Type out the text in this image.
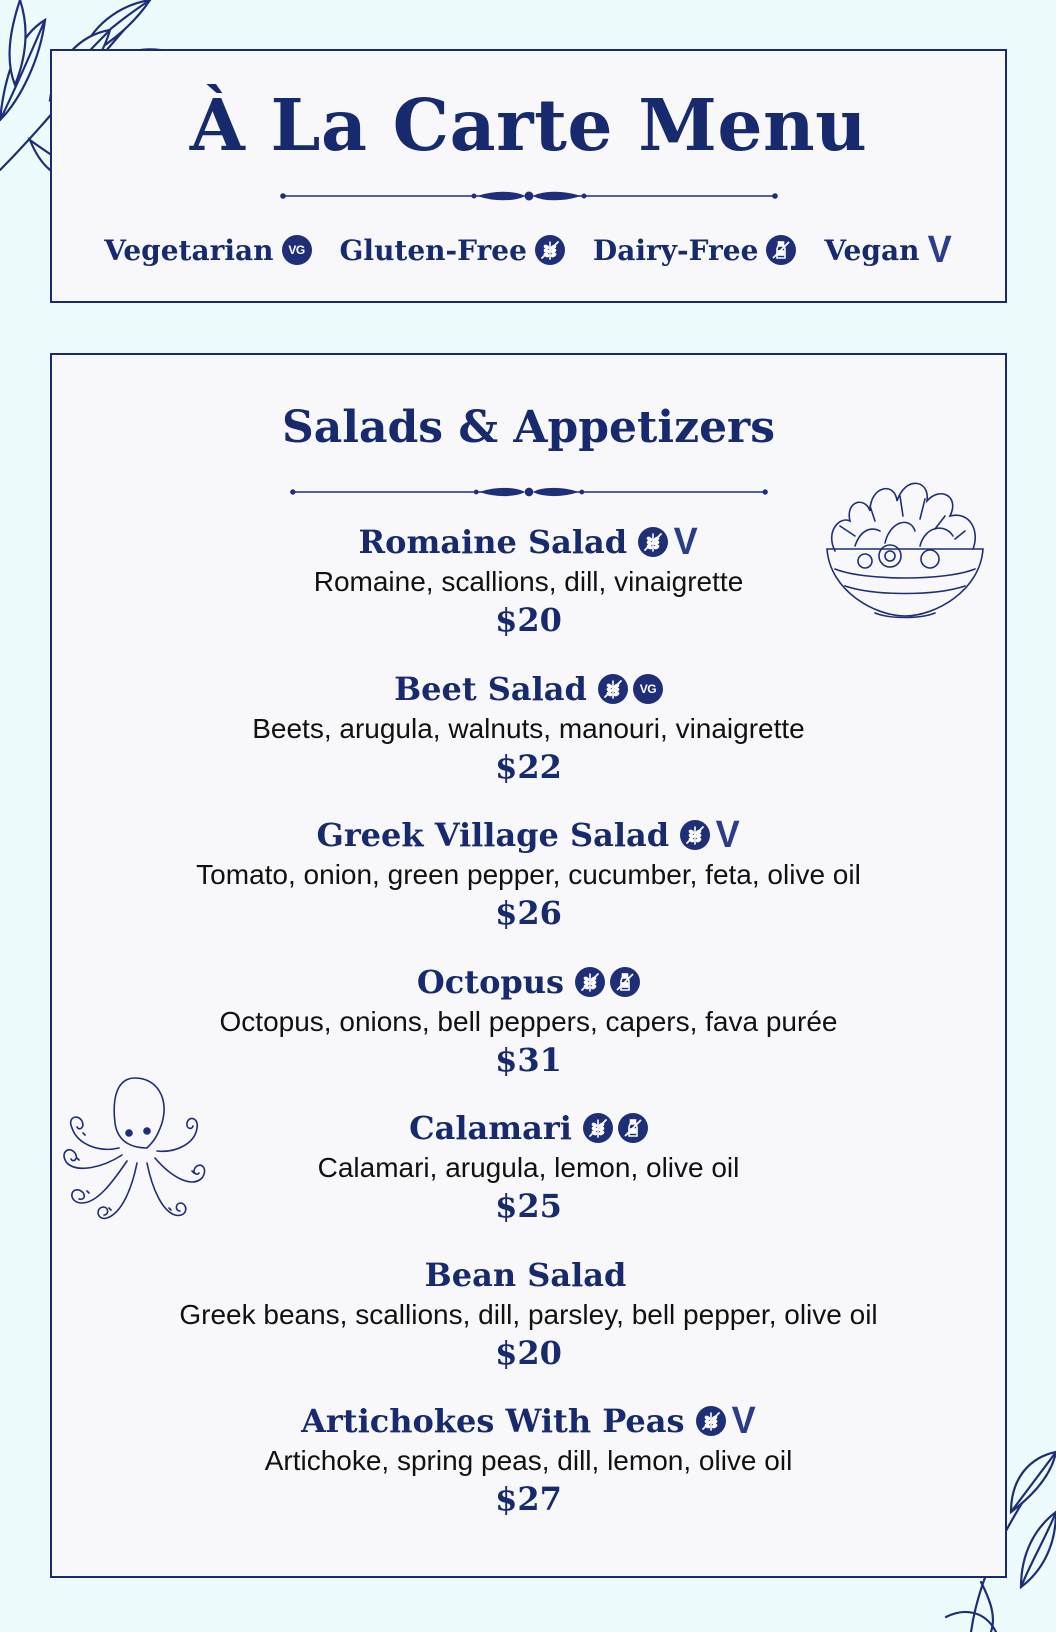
À La Carte Menu
Vegetarian	VG Gluten-Free Dairy-Free Vegan V
Salads & Appetizers
Romaine Salad V
Romaine, scallions, dill, vinaigrette
$20
Beet Salad	VG
Beets, arugula, walnuts, manouri, vinaigrette
$22
Greek Village Salad V
Tomato, onion, green pepper, cucumber, feta, olive oil
$26
Octopus
Octopus, onions, bell peppers, capers, fava purée
$31
Calamari
Calamari, arugula, lemon, olive oil
$25
Bean Salad
Greek beans, scallions, dill, parsley, bell pepper, olive oil
$20
Artichokes With Peas V
Artichoke, spring peas, dill, lemon, olive oil
$27
